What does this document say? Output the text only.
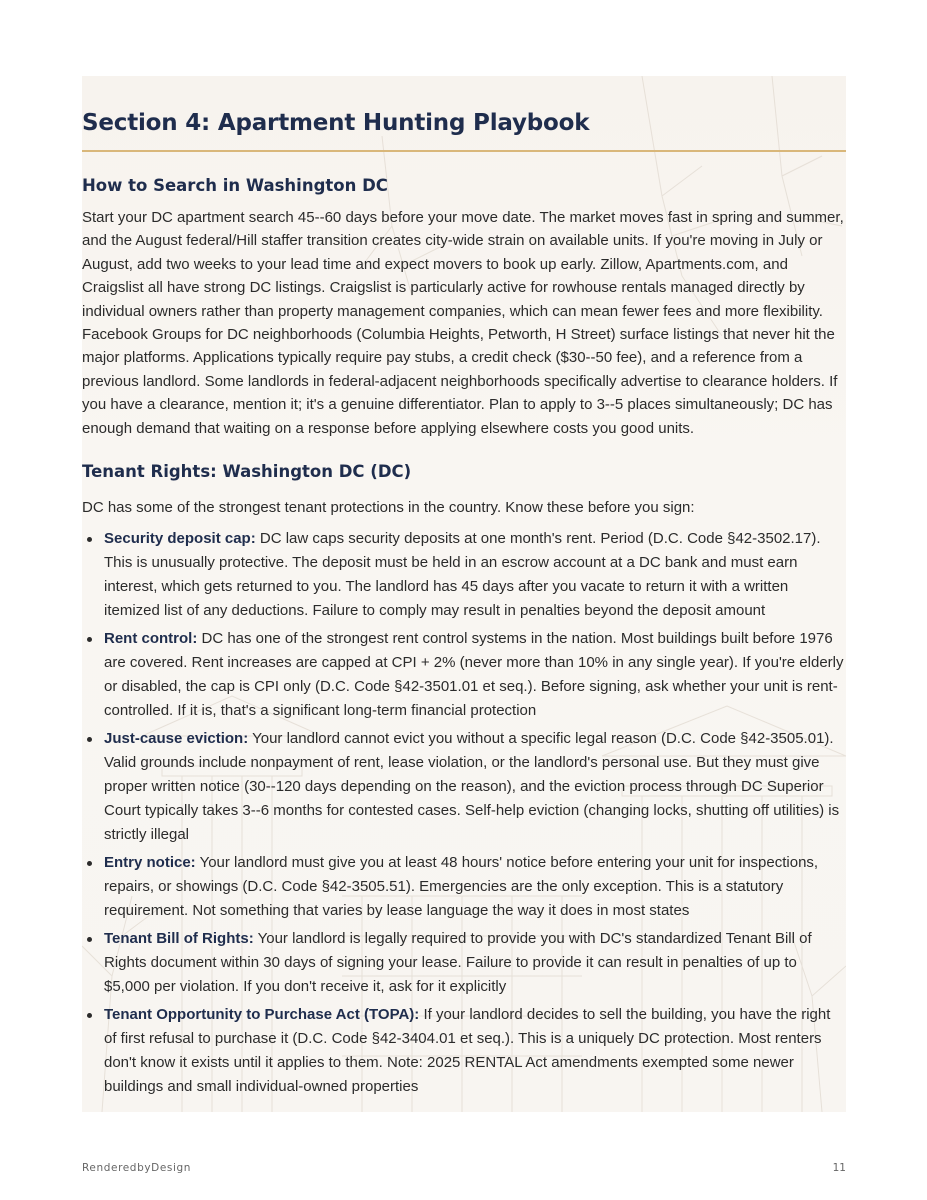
Section 4: Apartment Hunting Playbook
How to Search in Washington DC

Start your DC apartment search 45--60 days before your move date. The market moves fast in spring and summer, and the August federal/Hill staffer transition creates city-wide strain on available units. If you're moving in July or August, add two weeks to your lead time and expect movers to book up early. Zillow, Apartments.com, and Craigslist all have strong DC listings. Craigslist is particularly active for rowhouse rentals managed directly by individual owners rather than property management companies, which can mean fewer fees and more flexibility. Facebook Groups for DC neighborhoods (Columbia Heights, Petworth, H Street) surface listings that never hit the major platforms. Applications typically require pay stubs, a credit check ($30--50 fee), and a reference from a previous landlord. Some landlords in federal-adjacent neighborhoods specifically advertise to clearance holders. If you have a clearance, mention it; it's a genuine differentiator. Plan to apply to 3--5 places simultaneously; DC has enough demand that waiting on a response before applying elsewhere costs you good units.

Tenant Rights: Washington DC (DC)

DC has some of the strongest tenant protections in the country. Know these before you sign:

Security deposit cap: DC law caps security deposits at one month's rent. Period (D.C. Code §42-3502.17). This is unusually protective. The deposit must be held in an escrow account at a DC bank and must earn interest, which gets returned to you. The landlord has 45 days after you vacate to return it with a written itemized list of any deductions. Failure to comply may result in penalties beyond the deposit amount
Rent control: DC has one of the strongest rent control systems in the nation. Most buildings built before 1976 are covered. Rent increases are capped at CPI + 2% (never more than 10% in any single year). If you're elderly or disabled, the cap is CPI only (D.C. Code §42-3501.01 et seq.). Before signing, ask whether your unit is rent-controlled. If it is, that's a significant long-term financial protection
Just-cause eviction: Your landlord cannot evict you without a specific legal reason (D.C. Code §42-3505.01). Valid grounds include nonpayment of rent, lease violation, or the landlord's personal use. But they must give proper written notice (30--120 days depending on the reason), and the eviction process through DC Superior Court typically takes 3--6 months for contested cases. Self-help eviction (changing locks, shutting off utilities) is strictly illegal
Entry notice: Your landlord must give you at least 48 hours' notice before entering your unit for inspections, repairs, or showings (D.C. Code §42-3505.51). Emergencies are the only exception. This is a statutory requirement. Not something that varies by lease language the way it does in most states
Tenant Bill of Rights: Your landlord is legally required to provide you with DC's standardized Tenant Bill of Rights document within 30 days of signing your lease. Failure to provide it can result in penalties of up to $5,000 per violation. If you don't receive it, ask for it explicitly
Tenant Opportunity to Purchase Act (TOPA): If your landlord decides to sell the building, you have the right of first refusal to purchase it (D.C. Code §42-3404.01 et seq.). This is a uniquely DC protection. Most renters don't know it exists until it applies to them. Note: 2025 RENTAL Act amendments exempted some newer buildings and small individual-owned properties
RenderedbyDesign	11
